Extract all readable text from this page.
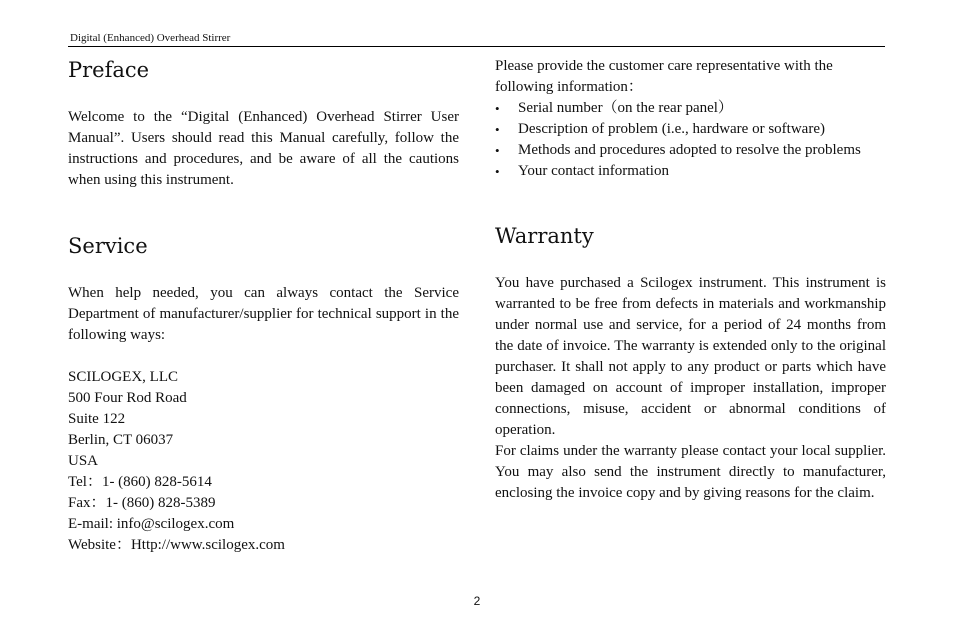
Digital (Enhanced) Overhead Stirrer
Preface

Welcome to the “Digital (Enhanced) Overhead Stirrer User Manual”. Users should read this Manual carefully, follow the instructions and procedures, and be aware of all the cautions when using this instrument.

Service

When help needed, you can always contact the Service Department of manufacturer/supplier for technical support in the following ways:

SCILOGEX, LLC
500 Four Rod Road
Suite 122
Berlin, CT 06037
USA
Tel：1- (860) 828-5614
Fax：1- (860) 828-5389
E-mail: info@scilogex.com
Website：Http://www.scilogex.com

Please provide the customer care representative with the following information：

• Serial number（on the rear panel）
• Description of problem (i.e., hardware or software)
• Methods and procedures adopted to resolve the problems
• Your contact information
Warranty

You have purchased a Scilogex instrument. This instrument is warranted to be free from defects in materials and workmanship under normal use and service, for a period of 24 months from the date of invoice. The warranty is extended only to the original purchaser. It shall not apply to any product or parts which have been damaged on account of improper installation, improper connections, misuse, accident or abnormal conditions of operation.

For claims under the warranty please contact your local supplier. You may also send the instrument directly to manufacturer, enclosing the invoice copy and by giving reasons for the claim.

2
